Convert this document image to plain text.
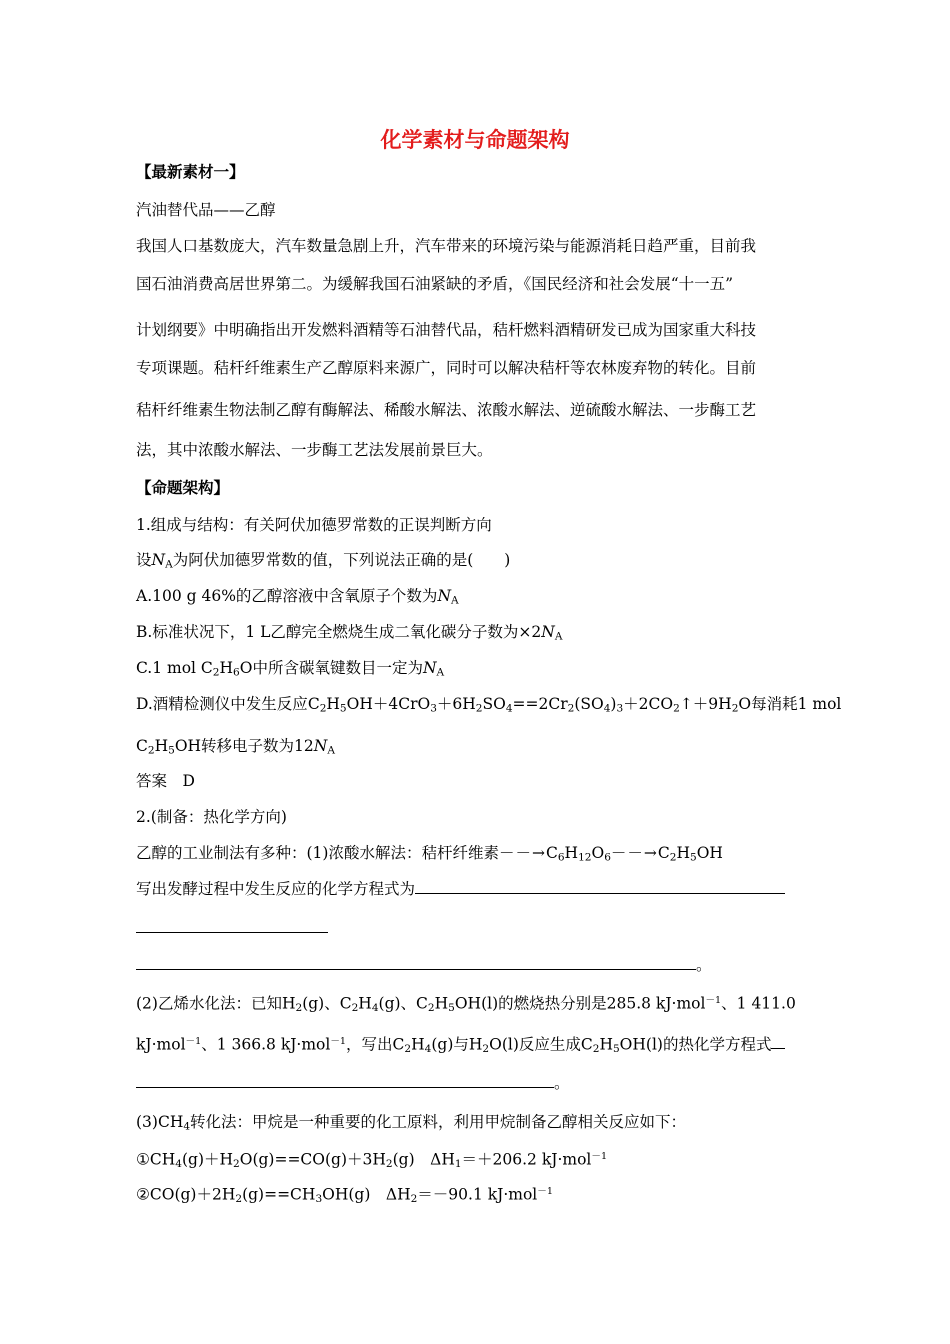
化学素材与命题架构

【最新素材一】

汽油替代品——乙醇

我国人口基数庞大，汽车数量急剧上升，汽车带来的环境污染与能源消耗日趋严重，目前我

国石油消费高居世界第二。为缓解我国石油紧缺的矛盾，《国民经济和社会发展“十一五”

计划纲要》中明确指出开发燃料酒精等石油替代品，秸杆燃料酒精研发已成为国家重大科技

专项课题。秸杆纤维素生产乙醇原料来源广，同时可以解决秸杆等农林废弃物的转化。目前

秸杆纤维素生物法制乙醇有酶解法、稀酸水解法、浓酸水解法、逆硫酸水解法、一步酶工艺

法，其中浓酸水解法、一步酶工艺法发展前景巨大。

【命题架构】

1.组成与结构：有关阿伏加德罗常数的正误判断方向

设$N_A$为阿伏加德罗常数的值，下列说法正确的是(　　)

A.100 g 46%的乙醇溶液中含氧原子个数为$N_A$

B.标准状况下，1 L乙醇完全燃烧生成二氧化碳分子数为$\times 2N_A$

C.1 mol $C_2H_6O$中所含碳氧键数目一定为$N_A$

D.酒精检测仪中发生反应$C_2H_5OH+4CrO_3+6H_2SO_4==2Cr_2(SO_4)_3+2CO_2↑+9H_2O$每消耗1 mol

$C_2H_5OH$转移电子数为$12N_A$

答案　D

2.(制备：热化学方向)

乙醇的工业制法有多种：(1)浓酸水解法：秸杆纤维素$--\to C_6H_{12}O_6--\to C_2H_5OH$

写出发酵过程中发生反应的化学方程式为

。

(2)乙烯水化法：已知$H_2(g)$、$C_2H_4(g)$、$C_2H_5OH(l)$的燃烧热分别是285.8 kJ·mol$^{-1}$、1 411.0

kJ·mol$^{-1}$、1 366.8 kJ·mol$^{-1}$，写出$C_2H_4(g)$与$H_2O(l)$反应生成$C_2H_5OH(l)$的热化学方程式

。

$(3)CH_4$转化法：甲烷是一种重要的化工原料，利用甲烷制备乙醇相关反应如下：

$①CH_4(g)+H_2O(g)==CO(g)+3H_2(g)$　$\Delta H_1=+206.2$ kJ·mol$^{-1}$

$②CO(g)+2H_2(g)==CH_3OH(g)$　$\Delta H_2=-90.1$ kJ·mol$^{-1}$
